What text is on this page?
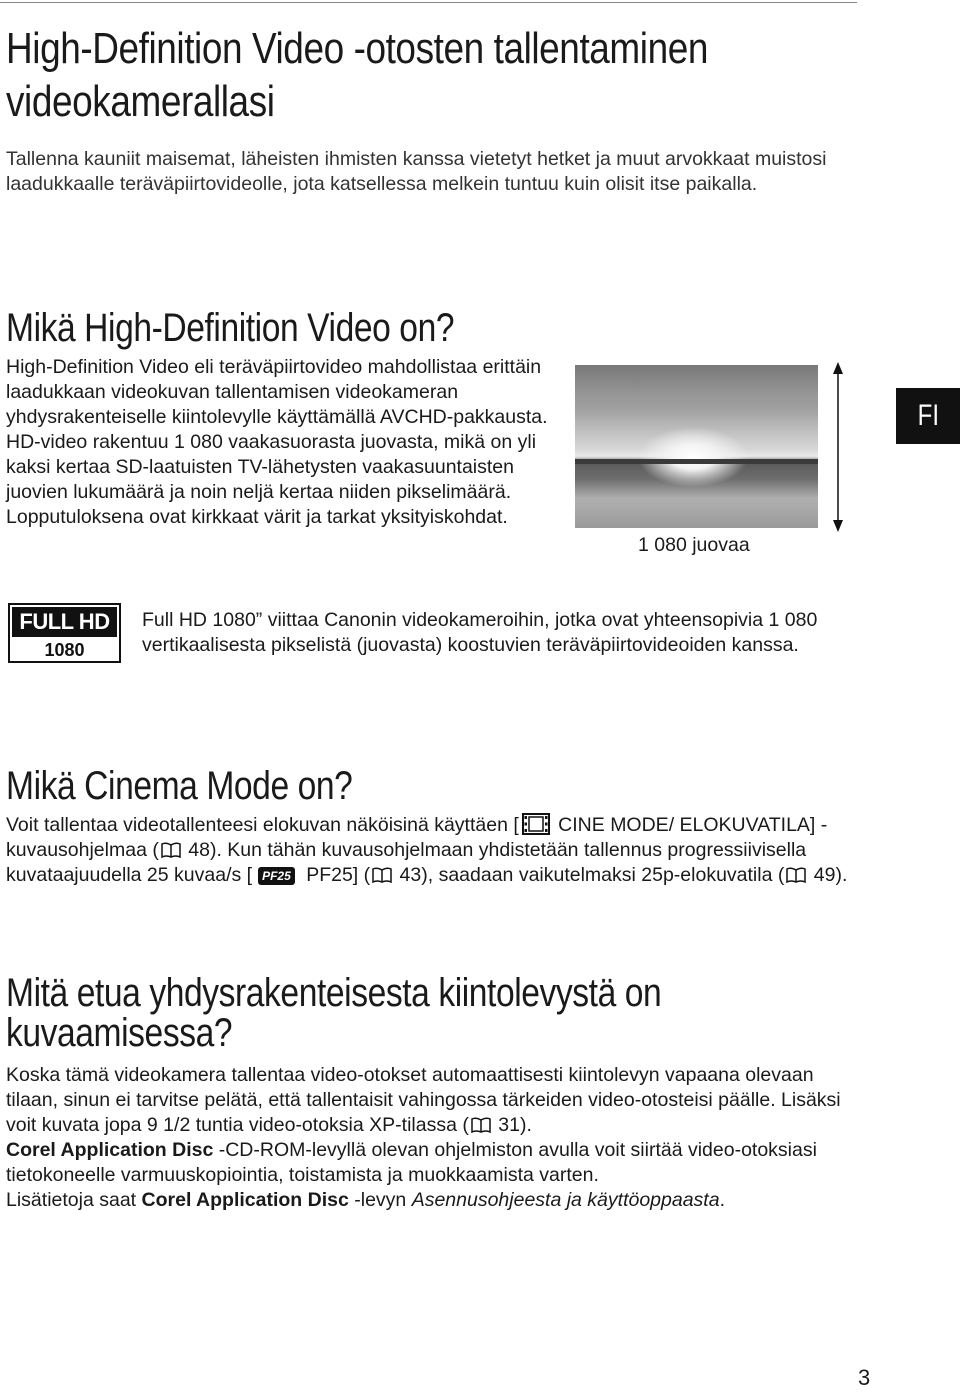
High-Definition Video -otosten tallentaminen videokamerallasi

Tallenna kauniit maisemat, läheisten ihmisten kanssa vietetyt hetket ja muut arvokkaat muistosi laadukkaalle teräväpiirtovideolle, jota katsellessa melkein tuntuu kuin olisit itse paikalla.

Mikä High-Definition Video on?

High-Definition Video eli teräväpiirtovideo mahdollistaa erittäin laadukkaan videokuvan tallentamisen videokameran yhdysrakenteiselle kiintolevylle käyttämällä AVCHD-pakkausta. HD-video rakentuu 1 080 vaakasuorasta juovasta, mikä on yli kaksi kertaa SD-laatuisten TV-lähetysten vaakasuuntaisten juovien lukumäärä ja noin neljä kertaa niiden pikselimäärä. Lopputuloksena ovat kirkkaat värit ja tarkat yksityiskohdat.

1 080 juovaa
FI
FULL HD
1080

Full HD 1080” viittaa Canonin videokameroihin, jotka ovat yhteensopivia 1 080 vertikaalisesta pikselistä (juovasta) koostuvien teräväpiirtovideoiden kanssa.

Mikä Cinema Mode on?

Voit tallentaa videotallenteesi elokuvan näköisinä käyttäen [ CINE MODE/ ELOKUVATILA] -kuvausohjelmaa ( 48). Kun tähän kuvausohjelmaan yhdistetään tallennus progressiivisella kuvataajuudella 25 kuvaa/s [ PF25 PF25] ( 43), saadaan vaikutelmaksi 25p-elokuvatila ( 49).

Mitä etua yhdysrakenteisesta kiintolevystä on kuvaamisessa?

Koska tämä videokamera tallentaa video-otokset automaattisesti kiintolevyn vapaana olevaan tilaan, sinun ei tarvitse pelätä, että tallentaisit vahingossa tärkeiden video-otosteisi päälle. Lisäksi voit kuvata jopa 9 1/2 tuntia video-otoksia XP-tilassa ( 31).
Corel Application Disc -CD-ROM-levyllä olevan ohjelmiston avulla voit siirtää video-otoksiasi tietokoneelle varmuuskopiointia, toistamista ja muokkaamista varten.
Lisätietoja saat Corel Application Disc -levyn Asennusohjeesta ja käyttöoppaasta.

3
